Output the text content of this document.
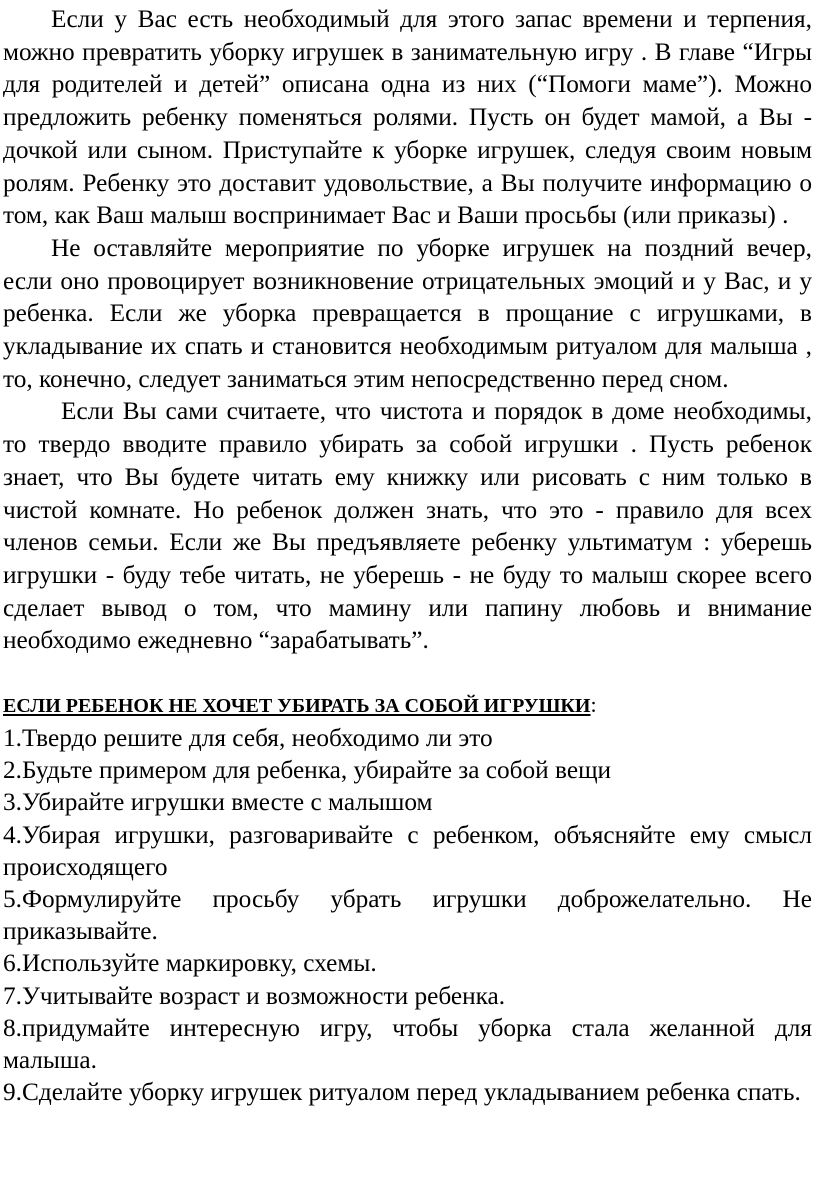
Если у Вас есть необходимый для этого запас времени и терпения, можно превратить уборку игрушек в занимательную игру . В главе “Игры для родителей и детей” описана одна из них (“Помоги маме”). Можно предложить ребенку поменяться ролями. Пусть он будет мамой, а Вы - дочкой или сыном. Приступайте к уборке игрушек, следуя своим новым ролям. Ребенку это доставит удовольствие, а Вы получите информацию о том, как Ваш малыш воспринимает Вас и Ваши просьбы (или приказы) .

Не оставляйте мероприятие по уборке игрушек на поздний вечер, если оно провоцирует возникновение отрицательных эмоций и у Вас, и у ребенка. Если же уборка превращается в прощание с игрушками, в укладывание их спать и становится необходимым ритуалом для малыша , то, конечно, следует заниматься этим непосредственно перед сном.

Если Вы сами считаете, что чистота и порядок в доме необходимы, то твердо вводите правило убирать за собой игрушки . Пусть ребенок знает, что Вы будете читать ему книжку или рисовать с ним только в чистой комнате. Но ребенок должен знать, что это - правило для всех членов семьи. Если же Вы предъявляете ребенку ультиматум : уберешь игрушки - буду тебе читать, не уберешь - не буду то малыш скорее всего сделает вывод о том, что мамину или папину любовь и внимание необходимо ежедневно “зарабатывать”.

ЕСЛИ РЕБЕНОК НЕ ХОЧЕТ УБИРАТЬ ЗА СОБОЙ ИГРУШКИ:

1.Твердо решите для себя, необходимо ли это

2.Будьте примером для ребенка, убирайте за собой вещи

3.Убирайте игрушки вместе с малышом

4.Убирая игрушки, разговаривайте с ребенком, объясняйте ему смысл происходящего

5.Формулируйте просьбу убрать игрушки доброжелательно. Не приказывайте.

6.Используйте маркировку, схемы.

7.Учитывайте возраст и возможности ребенка.

8.придумайте интересную игру, чтобы уборка стала желанной для малыша.

9.Сделайте уборку игрушек ритуалом перед укладыванием ребенка спать.
